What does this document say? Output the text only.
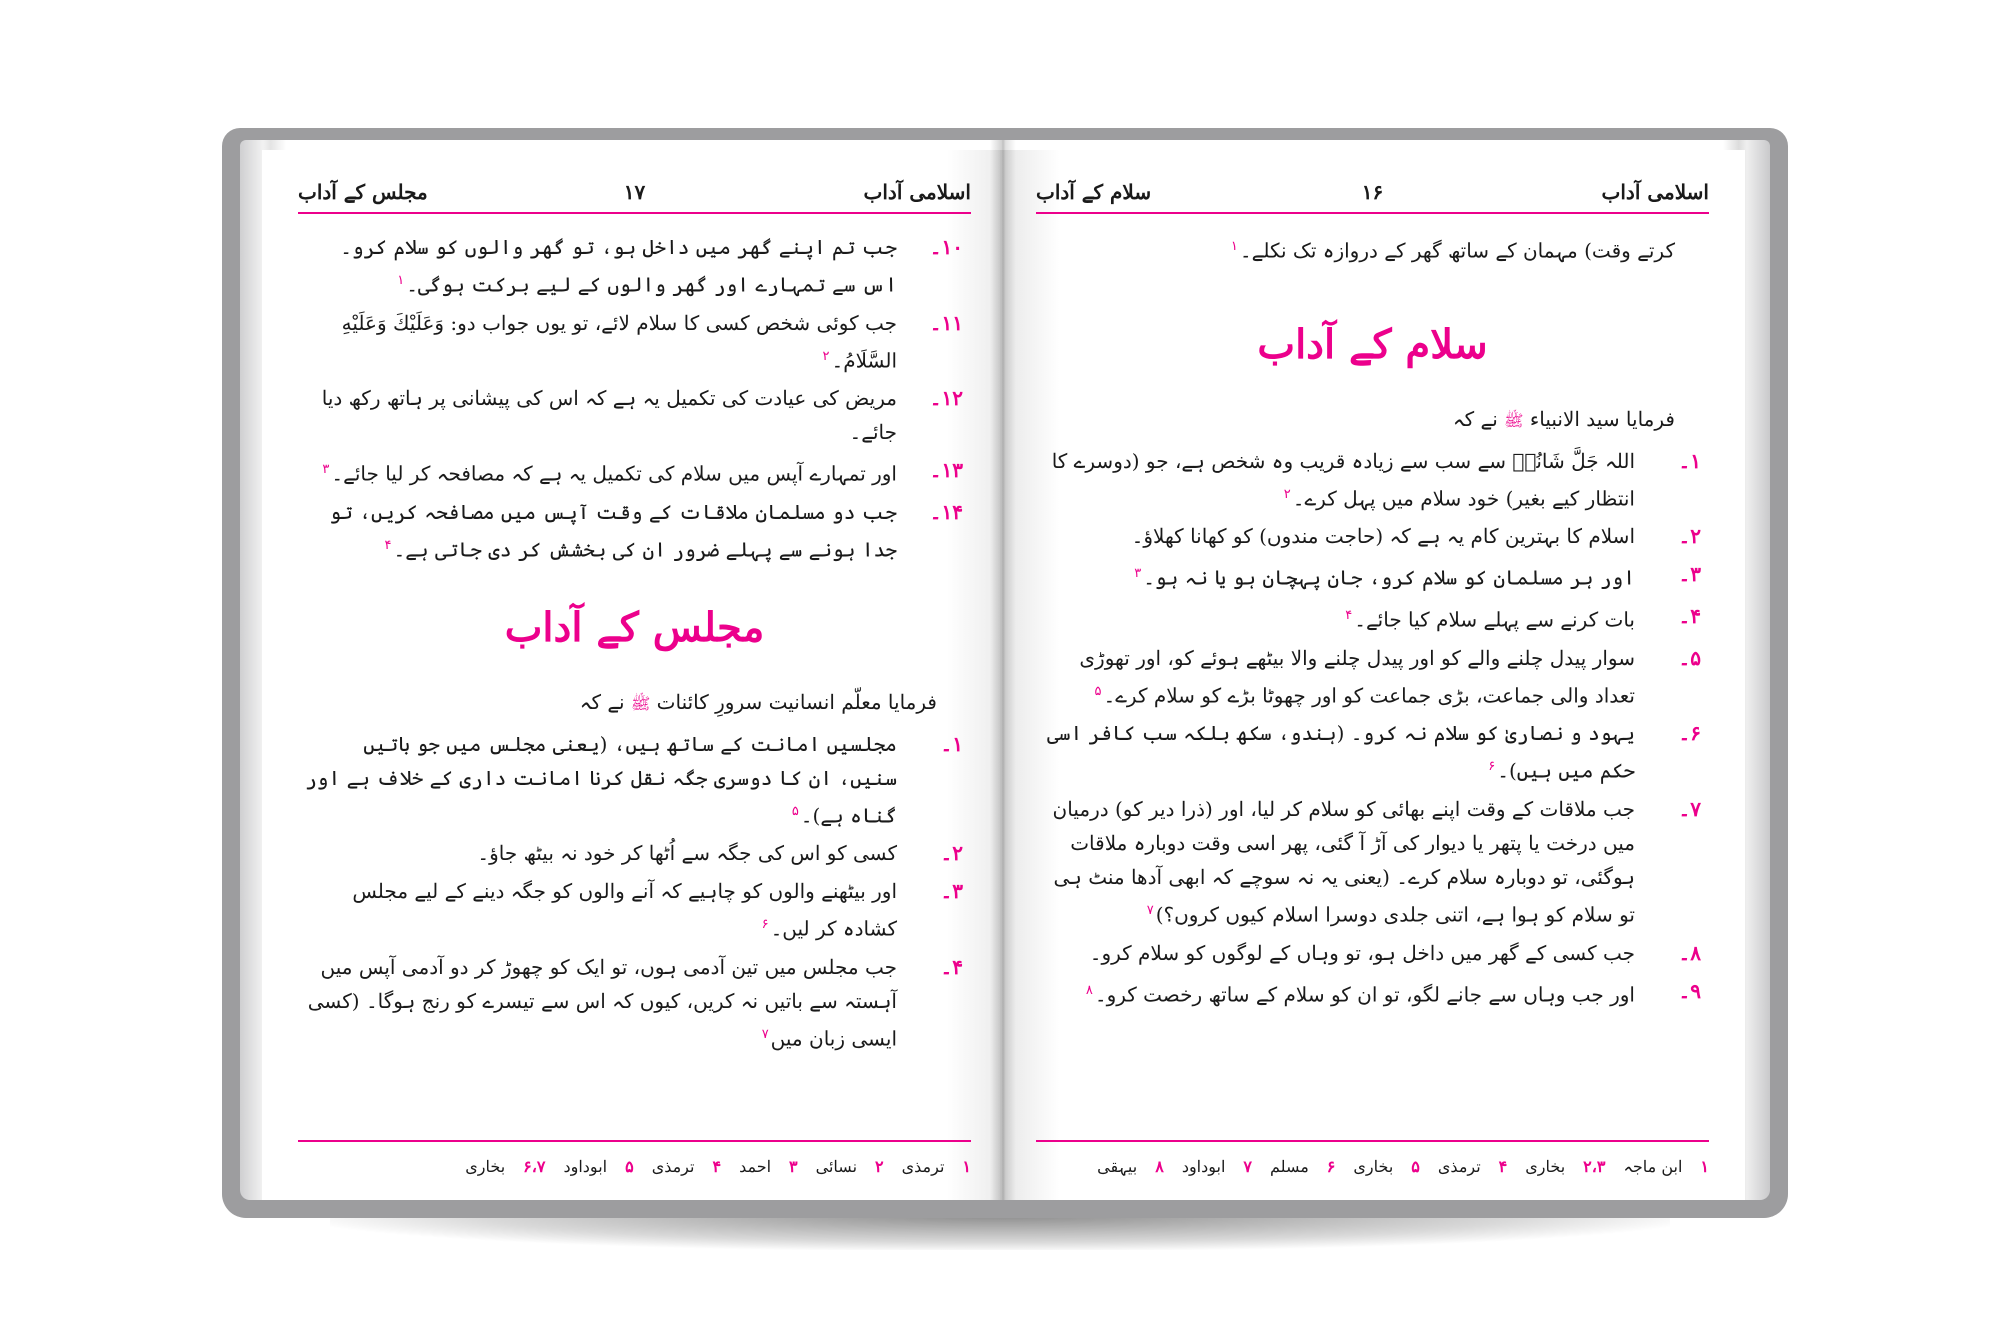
اسلامی آداب
۱۷
مجلس کے آداب
۱۰۔
جب تم اپنے گھر میں داخل ہو، تو گھر والوں کو سلام کرو۔ اس سے تمہارے اور گھر والوں کے لیے برکت ہوگی۔$^۱$
۱۱۔
جب کوئی شخص کسی کا سلام لائے، تو یوں جواب دو: وَعَلَيْكَ وَعَلَيْهِ السَّلَامُ۔$^۲$
۱۲۔
مریض کی عیادت کی تکمیل یہ ہے کہ اس کی پیشانی پر ہاتھ رکھ دیا جائے۔
۱۳۔
اور تمہارے آپس میں سلام کی تکمیل یہ ہے کہ مصافحہ کر لیا جائے۔$^۳$
۱۴۔
جب دو مسلمان ملاقات کے وقت آپس میں مصافحہ کریں، تو جدا ہونے سے پہلے ضرور ان کی بخشش کر دی جاتی ہے۔$^۴$
مجلس کے آداب
فرمایا معلّم انسانیت سرورِ کائنات ﷺ نے کہ
۱۔
مجلسیں امانت کے ساتھ ہیں، (یعنی مجلس میں جو باتیں سنیں، ان کا دوسری جگہ نقل کرنا امانت داری کے خلاف ہے اور گناہ ہے)۔$^۵$
۲۔
کسی کو اس کی جگہ سے اُٹھا کر خود نہ بیٹھ جاؤ۔
۳۔
اور بیٹھنے والوں کو چاہیے کہ آنے والوں کو جگہ دینے کے لیے مجلس کشادہ کر لیں۔$^۶$
۴۔
جب مجلس میں تین آدمی ہوں، تو ایک کو چھوڑ کر دو آدمی آپس میں آہستہ سے باتیں نہ کریں، کیوں کہ اس سے تیسرے کو رنج ہوگا۔ (کسی ایسی زبان میں$^۷$
۱ترمذی۲نسائی۳احمد۴ترمذی۵ابوداود۶،۷بخاری
اسلامی آداب
۱۶
سلام کے آداب
کرتے وقت) مہمان کے ساتھ گھر کے دروازہ تک نکلے۔$^۱$
سلام کے آداب
فرمایا سید الانبیاء ﷺ نے کہ
۱۔
اللہ جَلَّ شَانُہٗ سے سب سے زیادہ قریب وہ شخص ہے، جو (دوسرے کا انتظار کیے بغیر) خود سلام میں پہل کرے۔$^۲$
۲۔
اسلام کا بہترین کام یہ ہے کہ (حاجت مندوں) کو کھانا کھلاؤ۔
۳۔
اور ہر مسلمان کو سلام کرو، جان پہچان ہو یا نہ ہو۔$^۳$
۴۔
بات کرنے سے پہلے سلام کیا جائے۔$^۴$
۵۔
سوار پیدل چلنے والے کو اور پیدل چلنے والا بیٹھے ہوئے کو، اور تھوڑی تعداد والی جماعت، بڑی جماعت کو اور چھوٹا بڑے کو سلام کرے۔$^۵$
۶۔
یہود و نصاریٰ کو سلام نہ کرو۔ (ہندو، سکھ بلکہ سب کافر اسی حکم میں ہیں)۔$^۶$
۷۔
جب ملاقات کے وقت اپنے بھائی کو سلام کر لیا، اور (ذرا دیر کو) درمیان میں درخت یا پتھر یا دیوار کی آڑ آ گئی، پھر اسی وقت دوبارہ ملاقات ہوگئی، تو دوبارہ سلام کرے۔ (یعنی یہ نہ سوچے کہ ابھی آدھا منٹ ہی تو سلام کو ہوا ہے، اتنی جلدی دوسرا اسلام کیوں کروں؟)$^۷$
۸۔
جب کسی کے گھر میں داخل ہو، تو وہاں کے لوگوں کو سلام کرو۔
۹۔
اور جب وہاں سے جانے لگو، تو ان کو سلام کے ساتھ رخصت کرو۔$^۸$
۱ابن ماجہ۲،۳بخاری۴ترمذی۵بخاری۶مسلم۷ابوداود۸بیہقی
